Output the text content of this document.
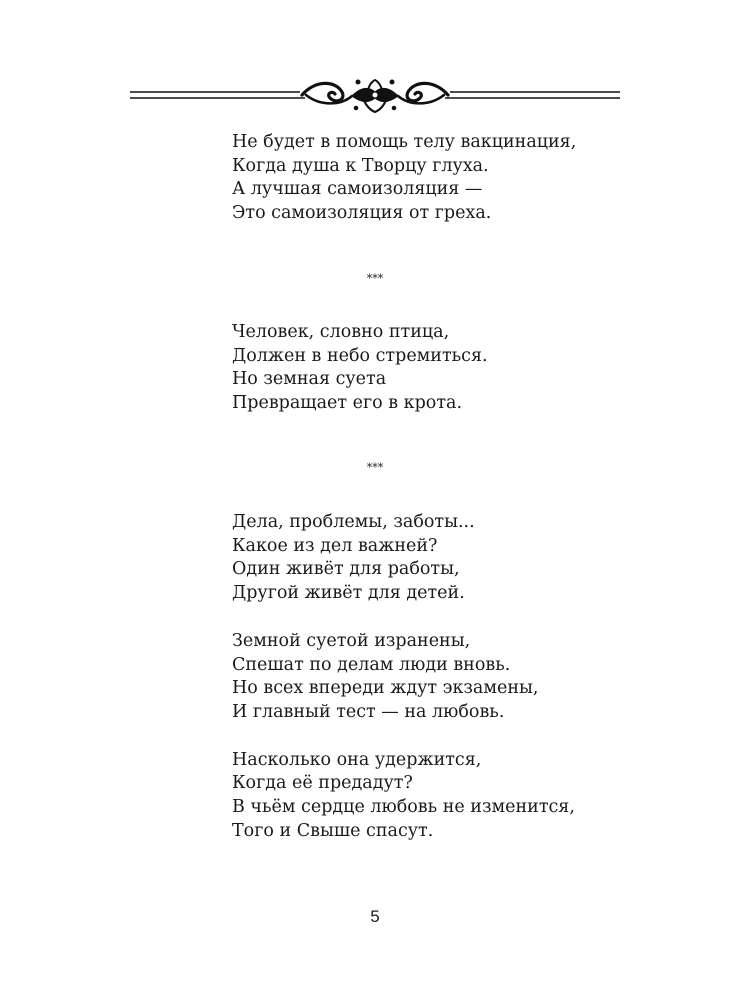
Не будет в помощь телу вакцинация,
Когда душа к Творцу глуха.
А лучшая самоизоляция —
Это самоизоляция от греха.
***
Человек, словно птица,
Должен в небо стремиться.
Но земная суета
Превращает его в крота.
***
Дела, проблемы, заботы...
Какое из дел важней?
Один живёт для работы,
Другой живёт для детей.
Земной суетой изранены,
Спешат по делам люди вновь.
Но всех впереди ждут экзамены,
И главный тест — на любовь.
Насколько она удержится,
Когда её предадут?
В чьём сердце любовь не изменится,
Того и Свыше спасут.
5
